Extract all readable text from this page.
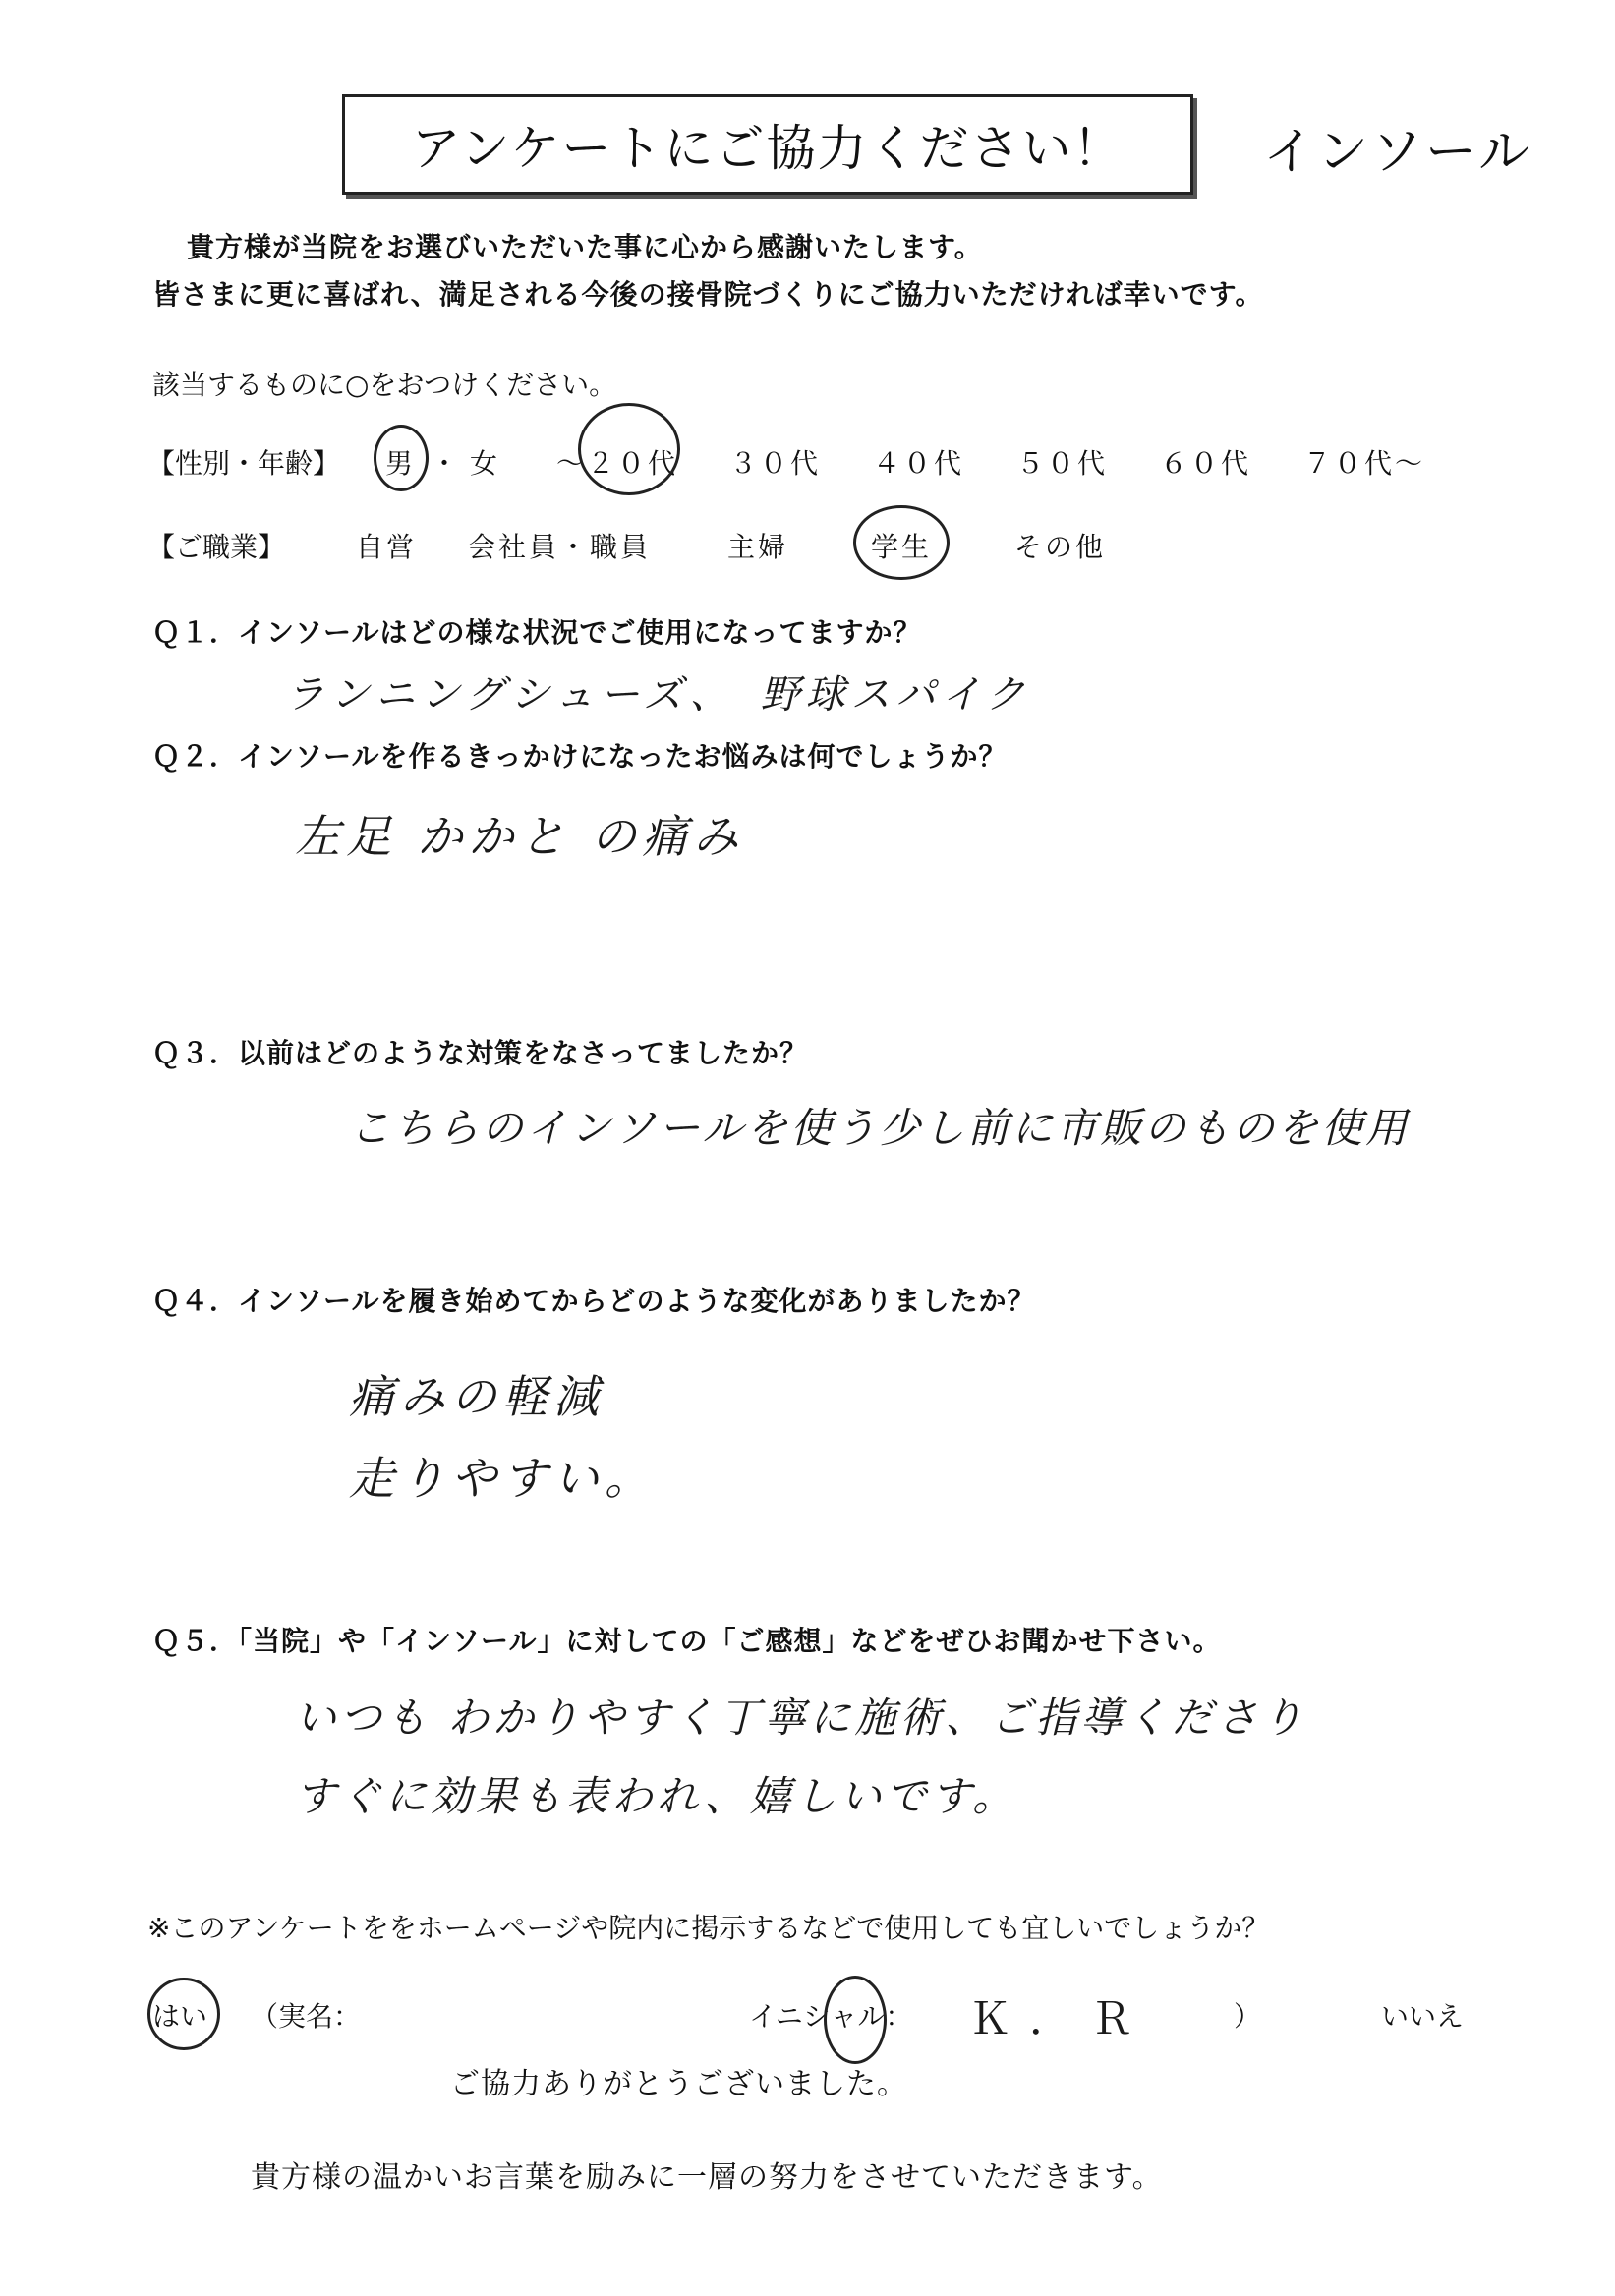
アンケートにご協力ください！	インソール
貴方様が当院をお選びいただいた事に心から感謝いたします。
皆さまに更に喜ばれ、満足される今後の接骨院づくりにご協力いただければ幸いです。
該当するものに○をおつけください。
【性別・年齢】 男 ・ 女 ～２０代 ３０代 ４０代 ５０代 ６０代 ７０代～
【ご職業】	自営 会社員・職員	主婦	学生	その他
Ｑ１．インソールはどの様な状況でご使用になってますか？
ランニングシューズ、　野球スパイク
Ｑ２．インソールを作るきっかけになったお悩みは何でしょうか？
左足 かかと の痛み
Ｑ３．以前はどのような対策をなさってましたか？
こちらのインソールを使う少し前に市販のものを使用
Ｑ４．インソールを履き始めてからどのような変化がありましたか？
痛みの軽減
走りやすい。
Ｑ５．「当院」や「インソール」に対しての「ご感想」などをぜひお聞かせ下さい。
いつも わかりやすく丁寧に施術、ご指導くださり
すぐに効果も表われ、嬉しいです。
※このアンケートををホームページや院内に掲示するなどで使用しても宜しいでしょうか？
はい （実名：	イニシャル： Ｋ．Ｒ	）	いいえ
ご協力ありがとうございました。
貴方様の温かいお言葉を励みに一層の努力をさせていただきます。
